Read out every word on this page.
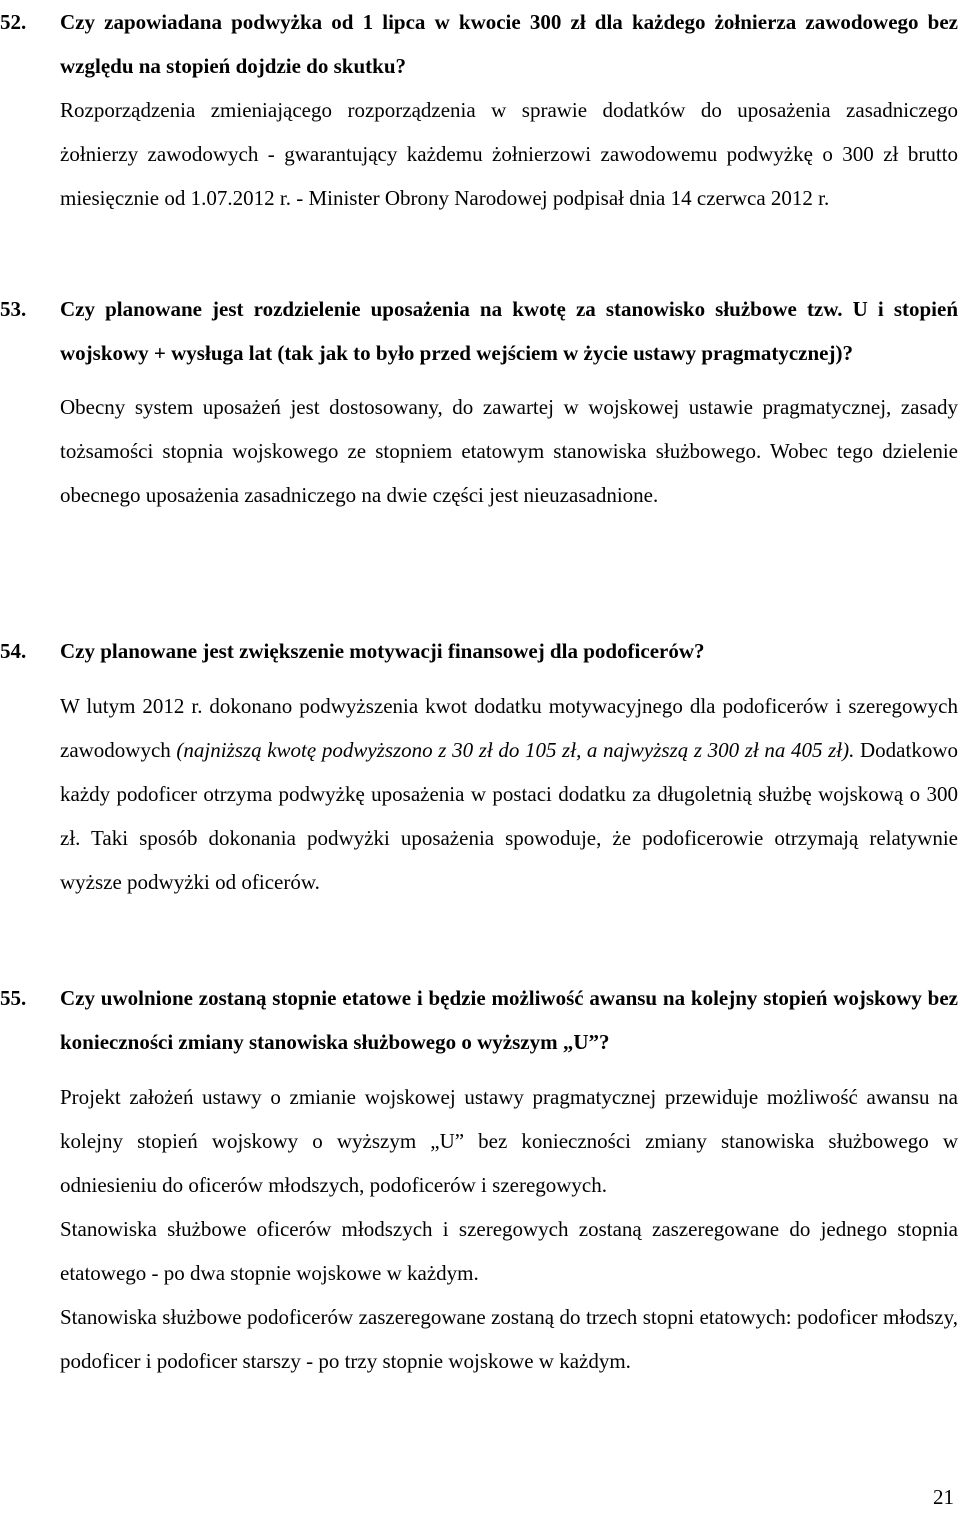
52. Czy zapowiadana podwyżka od 1 lipca w kwocie 300 zł dla każdego żołnierza zawodowego bez względu na stopień dojdzie do skutku?

Rozporządzenia zmieniającego rozporządzenia w sprawie dodatków do uposażenia zasadniczego żołnierzy zawodowych - gwarantujący każdemu żołnierzowi zawodowemu podwyżkę o 300 zł brutto miesięcznie od 1.07.2012 r. - Minister Obrony Narodowej podpisał dnia 14 czerwca 2012 r.

53. Czy planowane jest rozdzielenie uposażenia na kwotę za stanowisko służbowe tzw. U i stopień wojskowy + wysługa lat (tak jak to było przed wejściem w życie ustawy pragmatycznej)?

Obecny system uposażeń jest dostosowany, do zawartej w wojskowej ustawie pragmatycznej, zasady tożsamości stopnia wojskowego ze stopniem etatowym stanowiska służbowego. Wobec tego dzielenie obecnego uposażenia zasadniczego na dwie części jest nieuzasadnione.

54. Czy planowane jest zwiększenie motywacji finansowej dla podoficerów?

W lutym 2012 r. dokonano podwyższenia kwot dodatku motywacyjnego dla podoficerów i szeregowych zawodowych (najniższą kwotę podwyższono z 30 zł do 105 zł, a najwyższą z 300 zł na 405 zł). Dodatkowo każdy podoficer otrzyma podwyżkę uposażenia w postaci dodatku za długoletnią służbę wojskową o 300 zł. Taki sposób dokonania podwyżki uposażenia spowoduje, że podoficerowie otrzymają relatywnie wyższe podwyżki od oficerów.

55. Czy uwolnione zostaną stopnie etatowe i będzie możliwość awansu na kolejny stopień wojskowy bez konieczności zmiany stanowiska służbowego o wyższym „U”?

Projekt założeń ustawy o zmianie wojskowej ustawy pragmatycznej przewiduje możliwość awansu na kolejny stopień wojskowy o wyższym „U” bez konieczności zmiany stanowiska służbowego w odniesieniu do oficerów młodszych, podoficerów i szeregowych.

Stanowiska służbowe oficerów młodszych i szeregowych zostaną zaszeregowane do jednego stopnia etatowego - po dwa stopnie wojskowe w każdym.

Stanowiska służbowe podoficerów zaszeregowane zostaną do trzech stopni etatowych: podoficer młodszy, podoficer i podoficer starszy - po trzy stopnie wojskowe w każdym.

21
